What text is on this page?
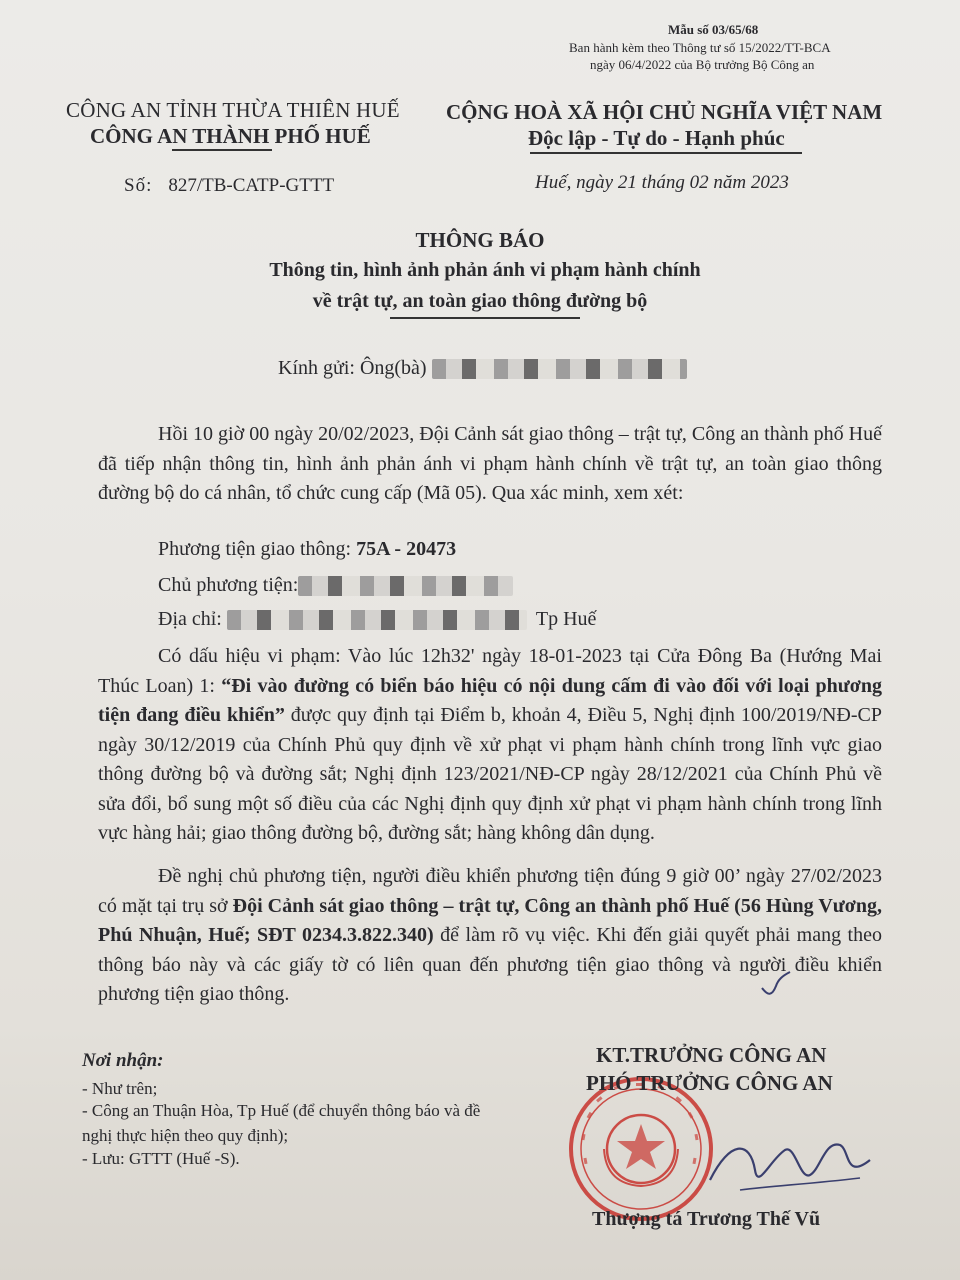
Mẫu số 03/65/68
Ban hành kèm theo Thông tư số 15/2022/TT-BCA
ngày 06/4/2022 của Bộ trưởng Bộ Công an
CÔNG AN TỈNH THỪA THIÊN HUẾ
CÔNG AN THÀNH PHỐ HUẾ
CỘNG HOÀ XÃ HỘI CHỦ NGHĨA VIỆT NAM
Độc lập - Tự do - Hạnh phúc
Số: 827/TB-CATP-GTTT	Huế, ngày 21 tháng 02 năm 2023
THÔNG BÁO
Thông tin, hình ảnh phản ánh vi phạm hành chính
về trật tự, an toàn giao thông đường bộ
Kính gửi: Ông(bà)
Hồi 10 giờ 00 ngày 20/02/2023, Đội Cảnh sát giao thông – trật tự, Công an thành phố Huế đã tiếp nhận thông tin, hình ảnh phản ánh vi phạm hành chính về trật tự, an toàn giao thông đường bộ do cá nhân, tổ chức cung cấp (Mã 05). Qua xác minh, xem xét:
Phương tiện giao thông: 75A - 20473
Chủ phương tiện:
Địa chỉ:	Tp Huế
Có dấu hiệu vi phạm: Vào lúc 12h32' ngày 18-01-2023 tại Cửa Đông Ba (Hướng Mai Thúc Loan) 1: “Đi vào đường có biển báo hiệu có nội dung cấm đi vào đối với loại phương tiện đang điều khiển” được quy định tại Điểm b, khoản 4, Điều 5, Nghị định 100/2019/NĐ-CP ngày 30/12/2019 của Chính Phủ quy định về xử phạt vi phạm hành chính trong lĩnh vực giao thông đường bộ và đường sắt; Nghị định 123/2021/NĐ-CP ngày 28/12/2021 của Chính Phủ về sửa đổi, bổ sung một số điều của các Nghị định quy định xử phạt vi phạm hành chính trong lĩnh vực hàng hải; giao thông đường bộ, đường sắt; hàng không dân dụng.
Đề nghị chủ phương tiện, người điều khiển phương tiện đúng 9 giờ 00’ ngày 27/02/2023 có mặt tại trụ sở Đội Cảnh sát giao thông – trật tự, Công an thành phố Huế (56 Hùng Vương, Phú Nhuận, Huế; SĐT 0234.3.822.340) để làm rõ vụ việc. Khi đến giải quyết phải mang theo thông báo này và các giấy tờ có liên quan đến phương tiện giao thông và người điều khiển phương tiện giao thông.
Nơi nhận:
- Như trên;
- Công an Thuận Hòa, Tp Huế (để chuyển thông báo và đề nghị thực hiện theo quy định);
- Lưu: GTTT (Huế -S).
KT.TRƯỞNG CÔNG AN
PHÓ TRƯỞNG CÔNG AN
Thượng tá Trương Thế Vũ
